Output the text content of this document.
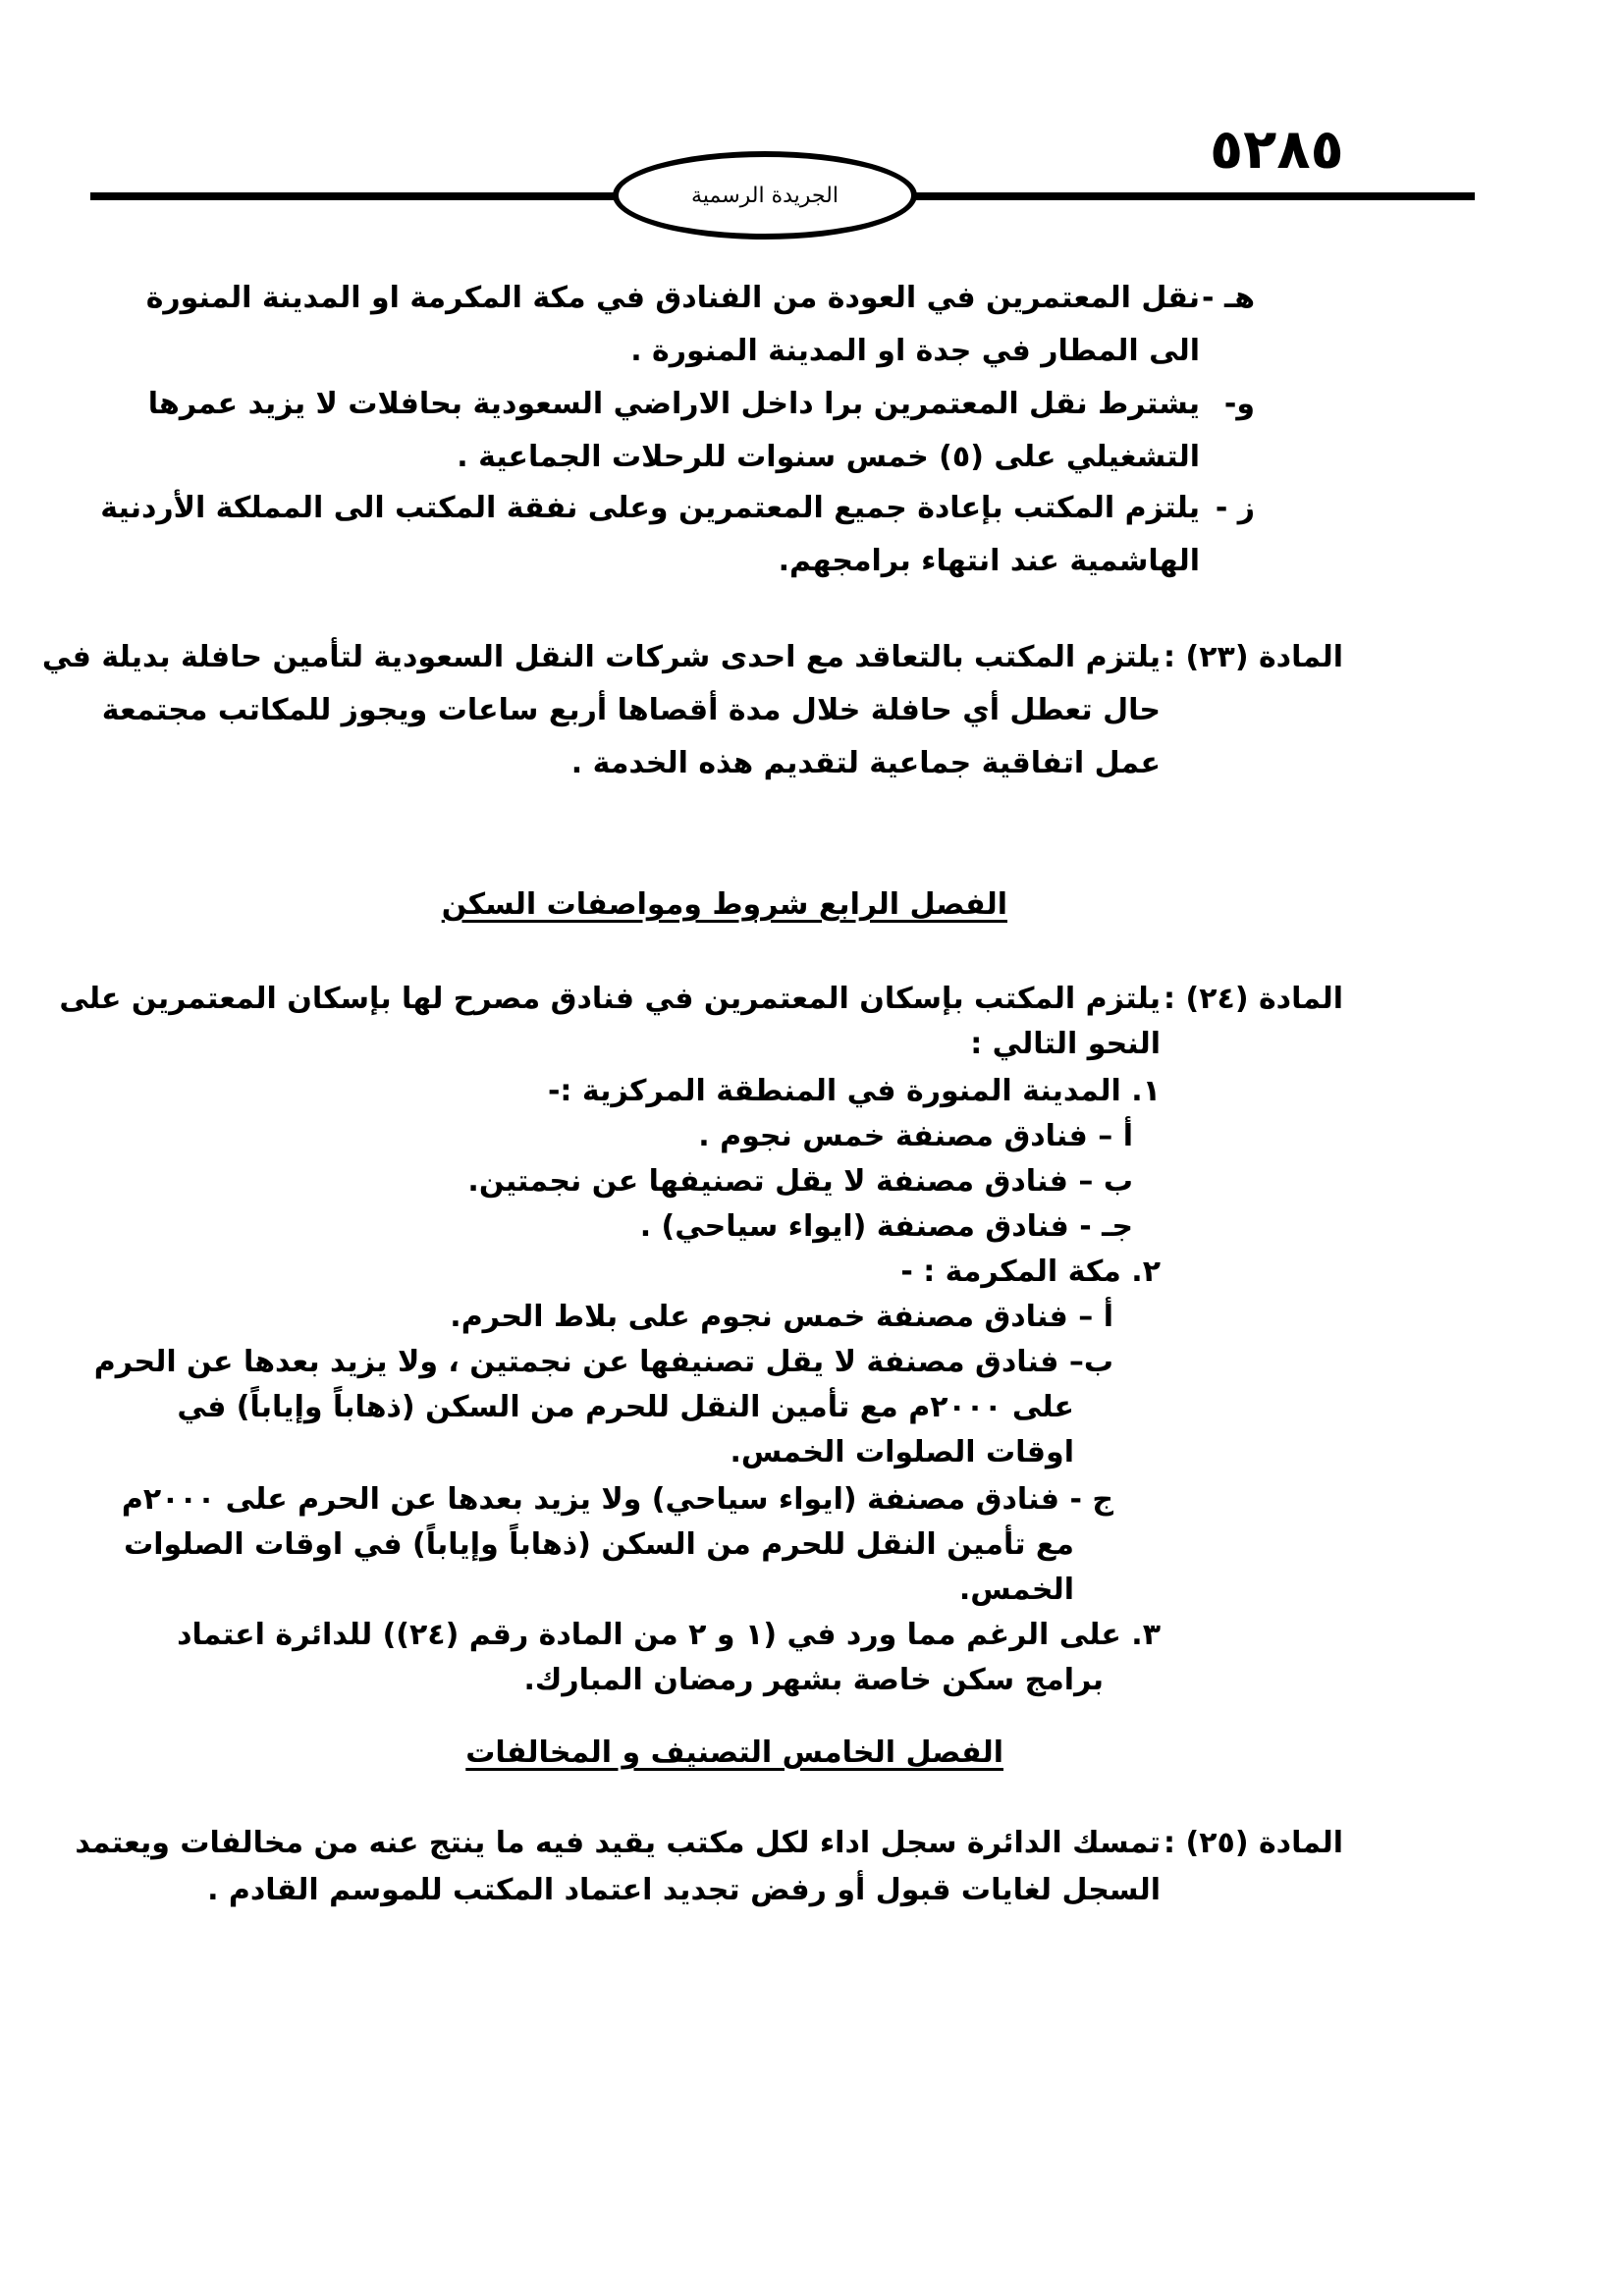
٥٢٨٥
الجريدة الرسمية
هـ -
نقل المعتمرين في العودة من الفنادق في مكة المكرمة او المدينة المنورة
الى المطار في جدة او المدينة المنورة .
و-
يشترط نقل المعتمرين برا داخل الاراضي السعودية بحافلات لا يزيد عمرها
التشغيلي على (٥) خمس سنوات للرحلات الجماعية .
ز -
يلتزم المكتب بإعادة جميع المعتمرين وعلى نفقة المكتب الى المملكة الأردنية
الهاشمية عند انتهاء برامجهم.
المادة (٢٣) :
يلتزم المكتب بالتعاقد مع احدى شركات النقل السعودية لتأمين حافلة بديلة في
حال تعطل أي حافلة خلال مدة أقصاها أربع ساعات ويجوز للمكاتب مجتمعة
عمل اتفاقية جماعية لتقديم هذه الخدمة .
الفصل الرابع شروط ومواصفات السكن
المادة (٢٤) :
يلتزم المكتب بإسكان المعتمرين في فنادق مصرح لها بإسكان المعتمرين على
النحو التالي :
١. المدينة المنورة في المنطقة المركزية :-
أ – فنادق مصنفة خمس نجوم .
ب – فنادق مصنفة لا يقل تصنيفها عن نجمتين.
جـ - فنادق مصنفة (ايواء سياحي) .
٢. مكة المكرمة : -
أ – فنادق مصنفة خمس نجوم على بلاط الحرم.
ب– فنادق مصنفة لا يقل تصنيفها عن نجمتين ، ولا يزيد بعدها عن الحرم
على ٢٠٠٠م مع تأمين النقل للحرم من السكن (ذهاباً وإياباً) في
اوقات الصلوات الخمس.
ج - فنادق مصنفة (ايواء سياحي) ولا يزيد بعدها عن الحرم على ٢٠٠٠م
مع تأمين النقل للحرم من السكن (ذهاباً وإياباً) في اوقات الصلوات
الخمس.
٣. على الرغم مما ورد في (١ و ٢ من المادة رقم (٢٤)) للدائرة اعتماد
برامج سكن خاصة بشهر رمضان المبارك.
الفصل الخامس التصنيف و المخالفات
المادة (٢٥) :
تمسك الدائرة سجل اداء لكل مكتب يقيد فيه ما ينتج عنه من مخالفات ويعتمد
السجل لغايات قبول أو رفض تجديد اعتماد المكتب للموسم القادم .
